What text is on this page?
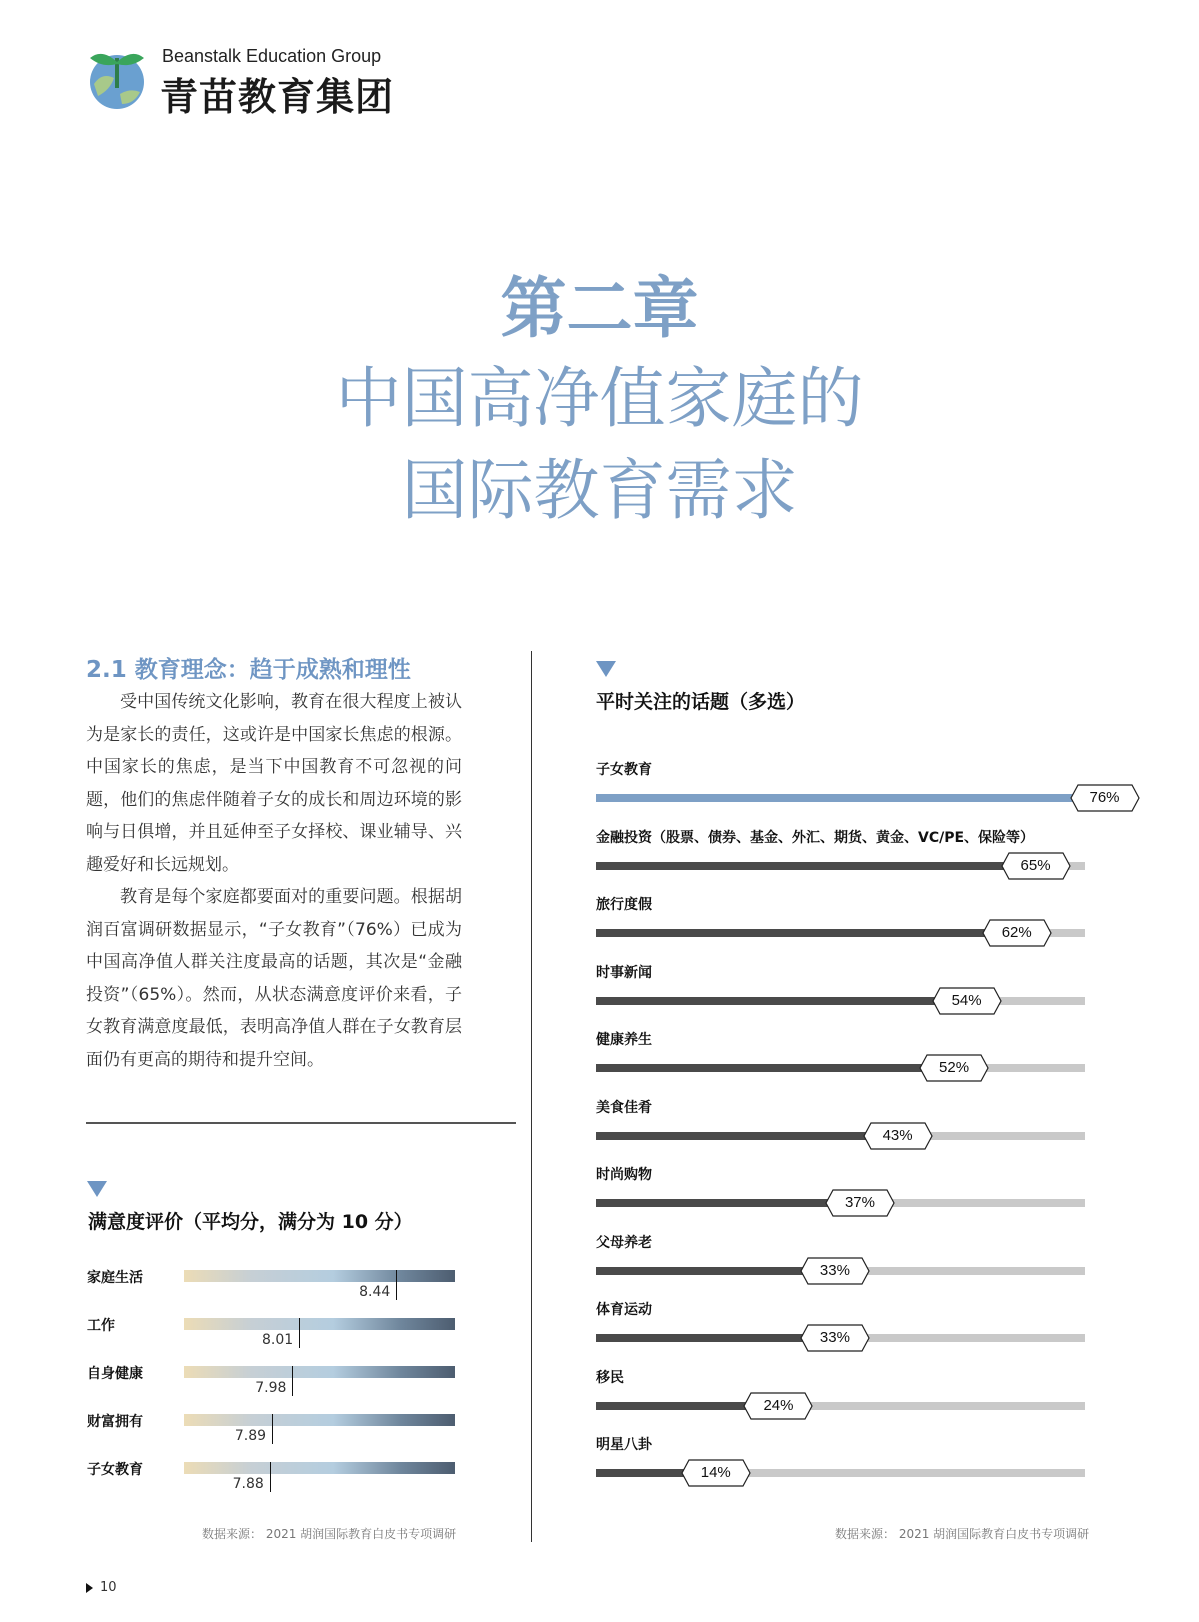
Beanstalk Education Group
青苗教育集团
第二章
中国高净值家庭的
国际教育需求
2.1 教育理念：趋于成熟和理性

受中国传统文化影响，教育在很大程度上被认为是家长的责任，这或许是中国家长焦虑的根源。中国家长的焦虑，是当下中国教育不可忽视的问题，他们的焦虑伴随着子女的成长和周边环境的影响与日俱增，并且延伸至子女择校、课业辅导、兴趣爱好和长远规划。

教育是每个家庭都要面对的重要问题。根据胡润百富调研数据显示，“子女教育”（76%）已成为中国高净值人群关注度最高的话题，其次是“金融投资”（65%）。然而，从状态满意度评价来看，子女教育满意度最低，表明高净值人群在子女教育层面仍有更高的期待和提升空间。

满意度评价（平均分，满分为 10 分）
家庭生活
8.44
工作
8.01
自身健康
7.98
财富拥有
7.89
子女教育
7.88
数据来源： 2021 胡润国际教育白皮书专项调研
平时关注的话题（多选）
子女教育
76%
金融投资（股票、债券、基金、外汇、期货、黄金、VC/PE、保险等）
65%
旅行度假
62%
时事新闻
54%
健康养生
52%
美食佳肴
43%
时尚购物
37%
父母养老
33%
体育运动
33%
移民
24%
明星八卦
14%
数据来源： 2021 胡润国际教育白皮书专项调研
10
